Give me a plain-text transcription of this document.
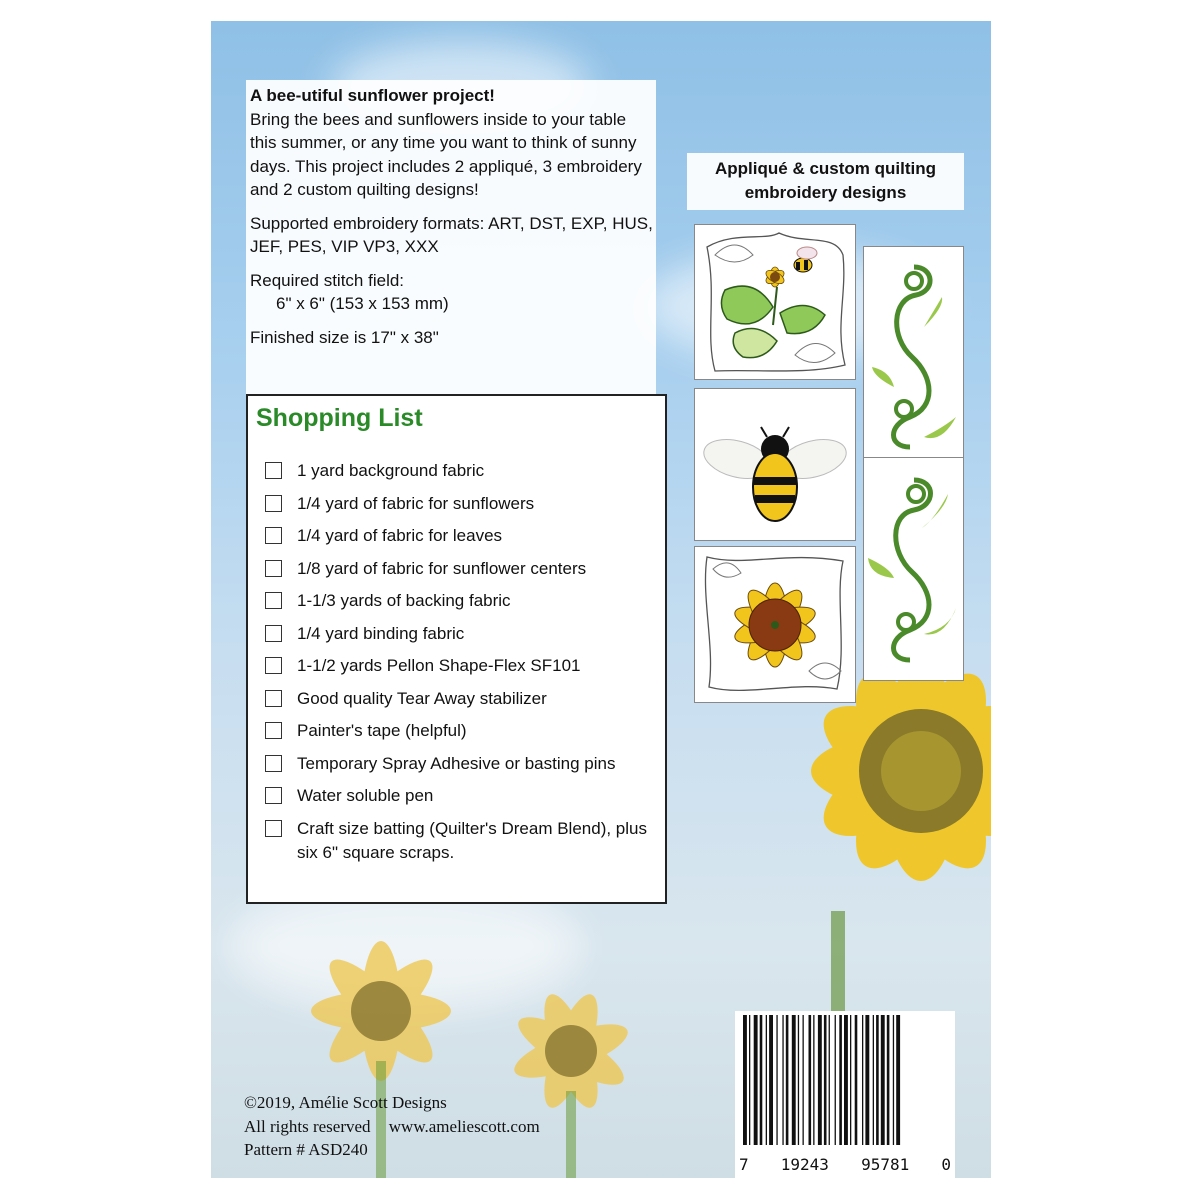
A bee-utiful sunflower project!

Bring the bees and sunflowers inside to your table this summer, or any time you want to think of sunny days. This project includes 2 appliqué, 3 embroidery and 2 custom quilting designs!

Supported embroidery formats: ART, DST, EXP, HUS, JEF, PES, VIP VP3, XXX

Required stitch field:

6" x 6" (153 x 153 mm)

Finished size is 17" x 38"

Shopping List
1 yard background fabric
1/4 yard of fabric for sunflowers
1/4 yard of fabric for leaves
1/8 yard of fabric for sunflower centers
1-1/3 yards of backing fabric
1/4 yard binding fabric
1-1/2 yards Pellon Shape-Flex SF101
Good quality Tear Away stabilizer
Painter's tape (helpful)
Temporary Spray Adhesive or basting pins
Water soluble pen
Craft size batting (Quilter's Dream Blend), plus six 6" square scraps.
Appliqué & custom quilting embroidery designs
7 19243 95781 0
©2019, Amélie Scott Designs
All rights reserved www.ameliescott.com
Pattern # ASD240
